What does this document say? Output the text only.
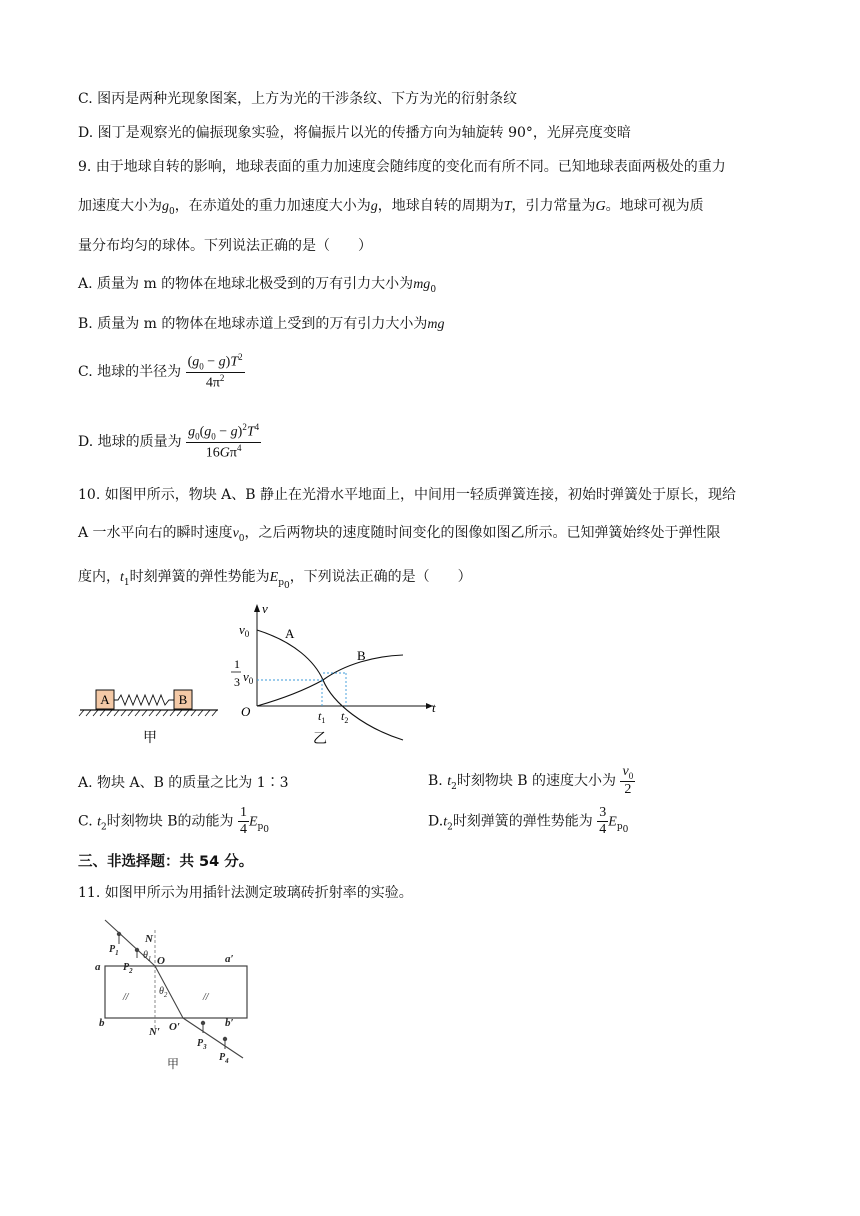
C. 图丙是两种光现象图案，上方为光的干涉条纹、下方为光的衍射条纹
D. 图丁是观察光的偏振现象实验，将偏振片以光的传播方向为轴旋转 90°，光屏亮度变暗
9. 由于地球自转的影响，地球表面的重力加速度会随纬度的变化而有所不同。已知地球表面两极处的重力
加速度大小为$g_0$，在赤道处的重力加速度大小为g，地球自转的周期为T，引力常量为G。地球可视为质
量分布均匀的球体。下列说法正确的是（　　）
A. 质量为 m 的物体在地球北极受到的万有引力大小为$mg_0$
B. 质量为 m 的物体在地球赤道上受到的万有引力大小为mg
C. 地球的半径为 $\frac{(g_0 - g)T^2}{4\pi^2}$
D. 地球的质量为 $\frac{g_0(g_0 - g)^2T^4}{16G\pi^4}$
10. 如图甲所示，物块 A、B 静止在光滑水平地面上，中间用一轻质弹簧连接，初始时弹簧处于原长，现给
A 一水平向右的瞬时速度$v_0$，之后两物块的速度随时间变化的图像如图乙所示。已知弹簧始终处于弹性限
度内，$t_1$时刻弹簧的弹性势能为$E_{p_0}$，下列说法正确的是（　　）
A	B
甲
v
t
O
A
B
$v_0$
1
3 $v_0$
$t_1$ $t_2$
乙
A. 物块 A、B 的质量之比为 1∶3	B. $t_2$时刻物块 B 的速度大小为 $\frac{v_0}{2}$
C. $t_2$时刻物块 B的动能为 $\frac{1}{4} E_{p_0}$
$D.t_2$时刻弹簧的弹性势能为 $\frac{3}{4} E_{p_0}$
三、非选择题：共 54 分。
11. 如图甲所示为用插针法测定玻璃砖折射率的实验。
N
O
N′ O′
a
a′
b	b′
$P_1$
$P_2$
$P_3$
$P_4$
$\theta_1$
$\theta_2$
//	//
甲
